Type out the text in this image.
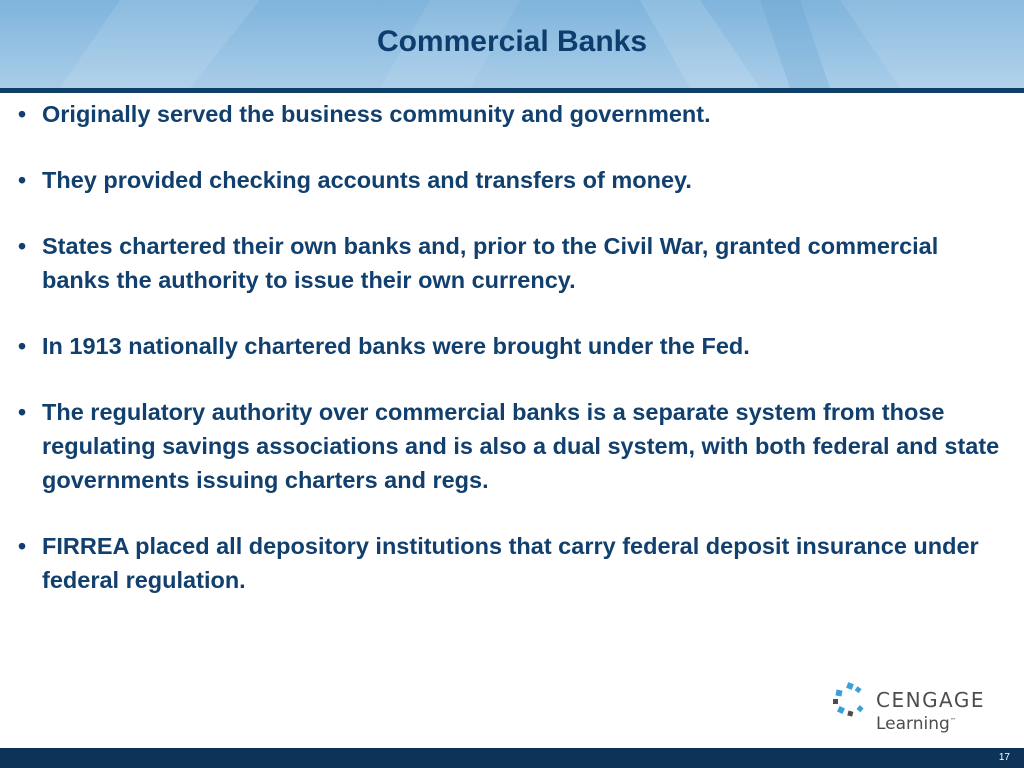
Commercial Banks
• Originally served the business community and government.
• They provided checking accounts and transfers of money.
• States chartered their own banks and, prior to the Civil War, granted commercial banks the authority to issue their own currency.
• In 1913 nationally chartered banks were brought under the Fed.
• The regulatory authority over commercial banks is a separate system from those regulating savings associations and is also a dual system, with both federal and state governments issuing charters and regs.
• FIRREA placed all depository institutions that carry federal deposit insurance under federal regulation.
CENGAGE
Learning™
17
